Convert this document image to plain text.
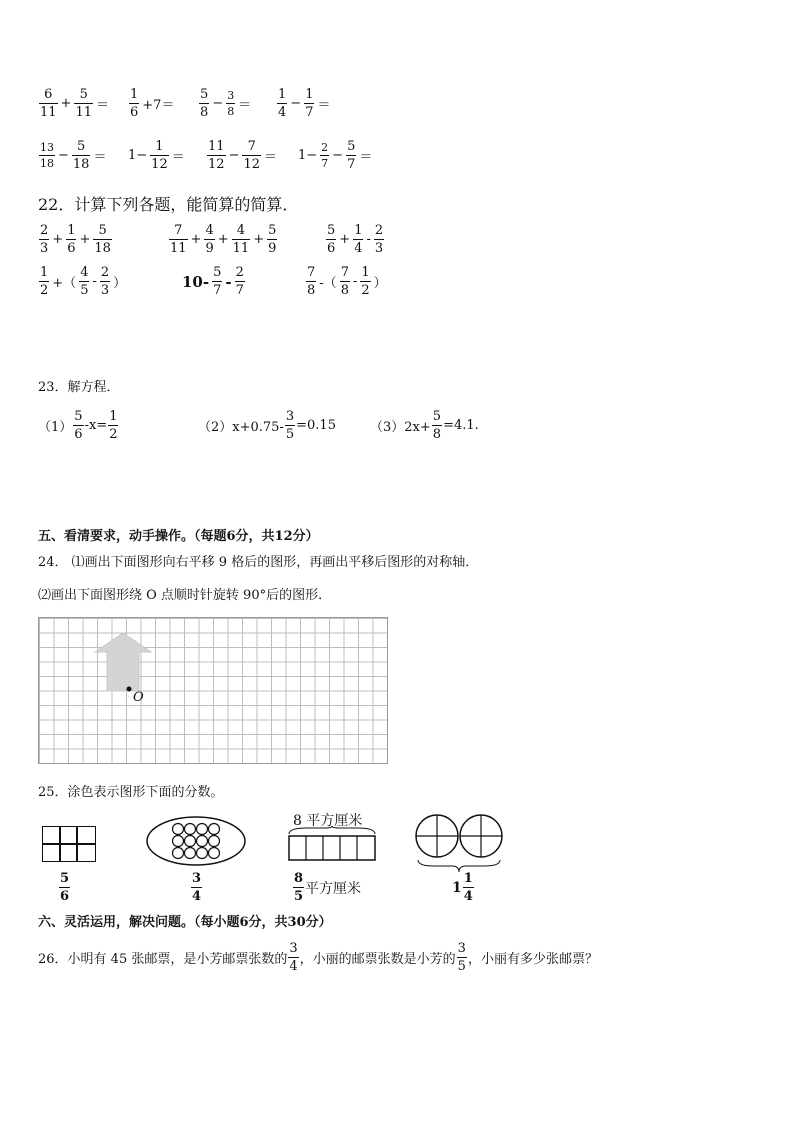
$\frac{6}{11} + \frac{5}{11} = \frac{1}{6} +7= \frac{5}{8} - \frac{3}{8} = \frac{1}{4} - \frac{1}{7}$ ＝
$\frac{13}{18} - \frac{5}{18} = 1- \frac{1}{12} = \frac{11}{12} - \frac{7}{12} = 1- \frac{2}{7} - \frac{5}{7}$ ＝
22．计算下列各题，能简算的简算．
$\frac{2}{3} + \frac{1}{6} + \frac{5}{18}$	$\frac{7}{11} + \frac{4}{9} + \frac{4}{11} + \frac{5}{9}$	$\frac{5}{6} + \frac{1}{4} - \frac{2}{3}$
$\frac{1}{2}$ +（ $\frac{4}{5} - \frac{2}{3}$ ）	$10- \frac{5}{7} - \frac{2}{7}$	$\frac{7}{8}$ -（ $\frac{7}{8} - \frac{1}{2}$ ）
23．解方程．
$(1) \frac{5}{6} -x= \frac{1}{2}$	$(2)x+0.75- \frac{3}{5} =0.15$	$(3)2x+ \frac{5}{8} =4.1$.
五、看清要求，动手操作。（每题6分，共12分）
24． ⑴画出下面图形向右平移 9 格后的图形，再画出平移后图形的对称轴．
⑵画出下面图形绕 O 点顺时针旋转 90°后的图形．
O
25．涂色表示图形下面的分数。
$\frac{5}{6}$	$\frac{3}{4}$
8 平方厘米
$\frac{8}{5}$ 平方厘米	$1 \frac{1}{4}$
六、灵活运用，解决问题。（每小题6分，共30分）
26．小明有 45 张邮票，是小芳邮票张数的 $\frac{3}{4}$ ，小丽的邮票张数是小芳的 $\frac{3}{5}$ ，小丽有多少张邮票？
